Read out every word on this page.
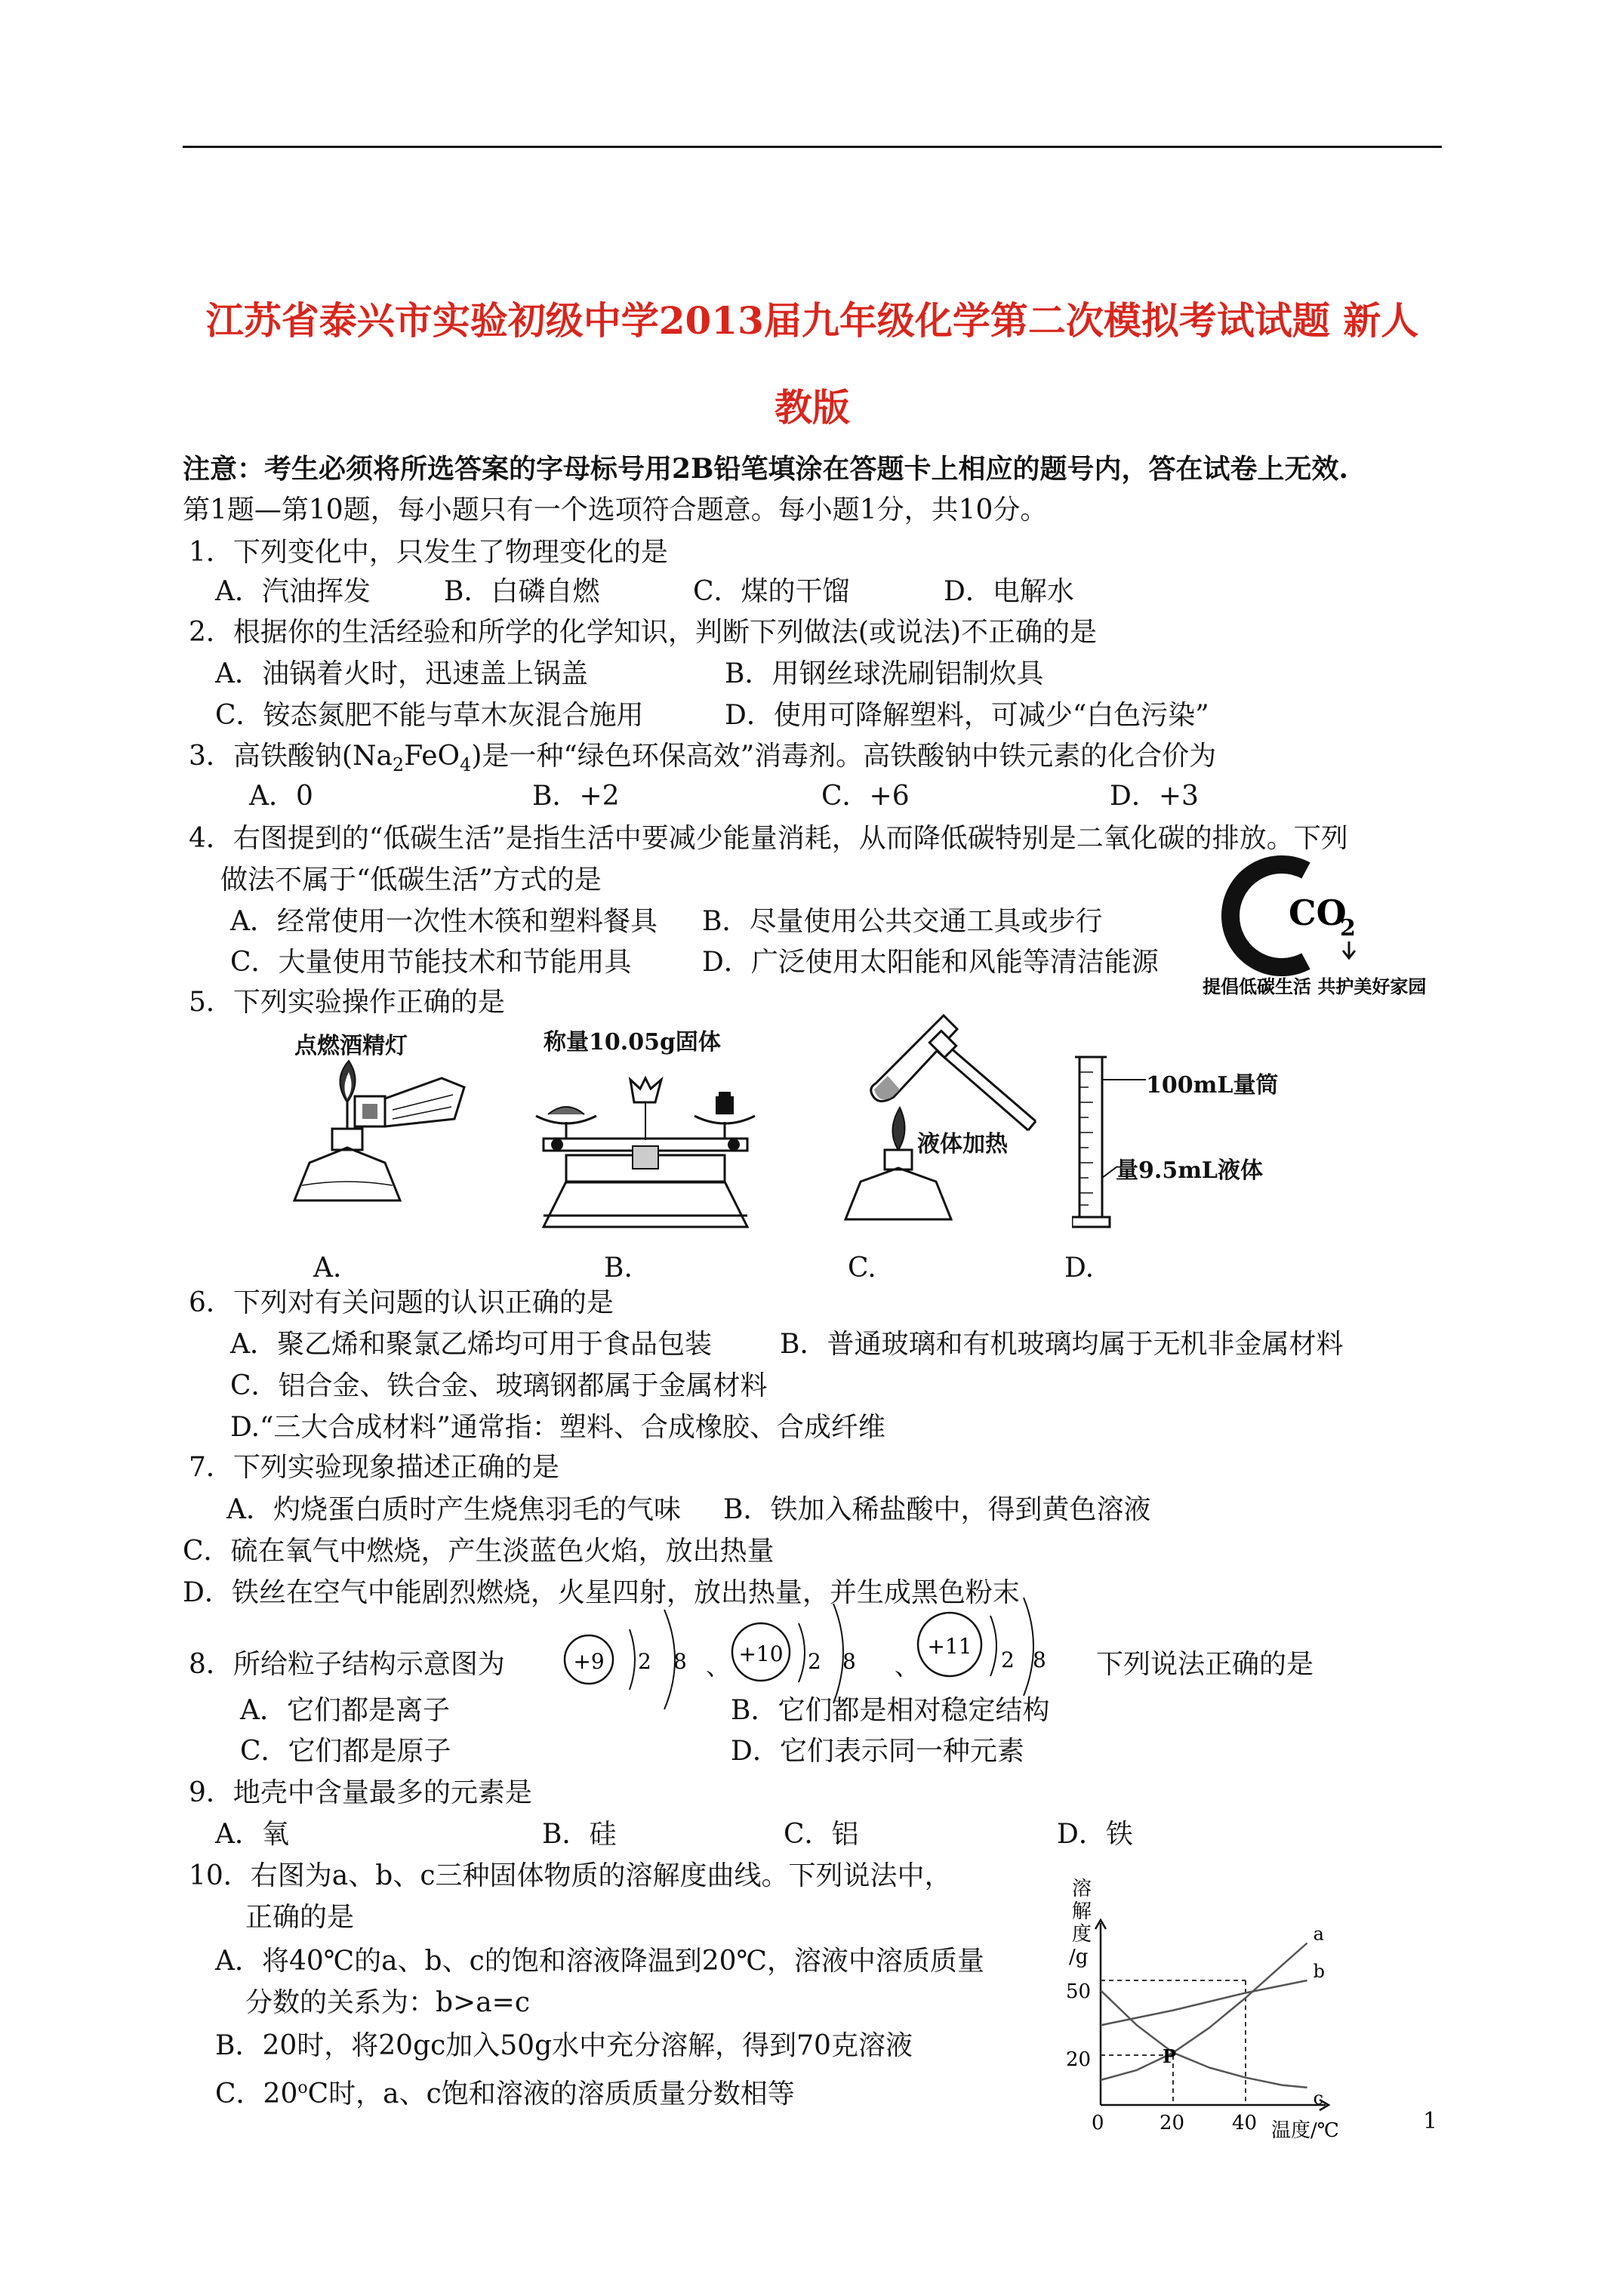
江苏省泰兴市实验初级中学2013届九年级化学第二次模拟考试试题 新人
教版
注意：考生必须将所选答案的字母标号用2B铅笔填涂在答题卡上相应的题号内，答在试卷上无效.
第1题—第10题，每小题只有一个选项符合题意。每小题1分，共10分。
1．下列变化中，只发生了物理变化的是
A．汽油挥发	B．白磷自燃	C．煤的干馏	D．电解水
2．根据你的生活经验和所学的化学知识，判断下列做法(或说法)不正确的是
A．油锅着火时，迅速盖上锅盖	B．用钢丝球洗刷铝制炊具
C．铵态氮肥不能与草木灰混合施用	D．使用可降解塑料，可减少“白色污染”
3．高铁酸钠$(Na_2FeO_4)$是一种“绿色环保高效”消毒剂。高铁酸钠中铁元素的化合价为
A．0	B．+2	C．+6	D．+3
4．右图提到的“低碳生活”是指生活中要减少能量消耗，从而降低碳特别是二氧化碳的排放。下列
做法不属于“低碳生活”方式的是
A．经常使用一次性木筷和塑料餐具 B．尽量使用公共交通工具或步行
C．大量使用节能技术和节能用具	D．广泛使用太阳能和风能等清洁能源
CO
2
提倡低碳生活 共护美好家园
5．下列实验操作正确的是
点燃酒精灯
A.
称量10.05g固体
B.
液体加热
C.
100mL量筒
量9.5mL液体
D.
6．下列对有关问题的认识正确的是
A．聚乙烯和聚氯乙烯均可用于食品包装	B．普通玻璃和有机玻璃均属于无机非金属材料
C．铝合金、铁合金、玻璃钢都属于金属材料
D.“三大合成材料”通常指：塑料、合成橡胶、合成纤维
7．下列实验现象描述正确的是
A．灼烧蛋白质时产生烧焦羽毛的气味 B．铁加入稀盐酸中，得到黄色溶液
C．硫在氧气中燃烧，产生淡蓝色火焰，放出热量
D．铁丝在空气中能剧烈燃烧，火星四射，放出热量，并生成黑色粉末
8．所给粒子结构示意图为	+9 2 8 、 +10 2 8 、
+11
2 8 下列说法正确的是
A．它们都是离子	B．它们都是相对稳定结构
C．它们都是原子	D．它们表示同一种元素
9．地壳中含量最多的元素是
A．氧	B．硅	C．铝	D．铁
10．右图为a、b、c三种固体物质的溶解度曲线。下列说法中，
正确的是
A．将40℃的a、b、c的饱和溶液降温到20℃，溶液中溶质质量
分数的关系为：b>a=c
B．20时，将20gc加入50g水中充分溶解，得到70克溶液
C．20$^o$C时，a、c饱和溶液的溶质质量分数相等
溶
解
度
/g
温度/℃
0	20 40
20
50
a
b
c
P
1
